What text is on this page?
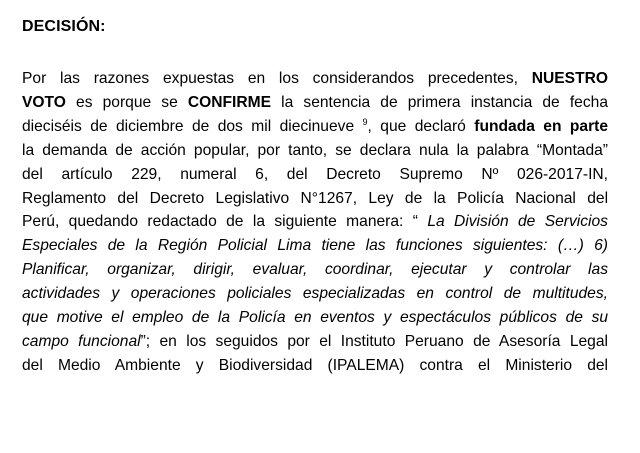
DECISIÓN:
Por las razones expuestas en los considerandos precedentes, NUESTRO
VOTO es porque se CONFIRME la sentencia de primera instancia de fecha
dieciséis de diciembre de dos mil diecinueve $^9$, que declaró fundada en parte
la demanda de acción popular, por tanto, se declara nula la palabra “Montada”
del artículo 229, numeral 6, del Decreto Supremo Nº 026-2017-IN,
Reglamento del Decreto Legislativo N°1267, Ley de la Policía Nacional del
Perú, quedando redactado de la siguiente manera: “ La División de Servicios
Especiales de la Región Policial Lima tiene las funciones siguientes: (…) 6)
Planificar, organizar, dirigir, evaluar, coordinar, ejecutar y controlar las
actividades y operaciones policiales especializadas en control de multitudes,
que motive el empleo de la Policía en eventos y espectáculos públicos de su
campo funcional”; en los seguidos por el Instituto Peruano de Asesoría Legal
del Medio Ambiente y Biodiversidad (IPALEMA) contra el Ministerio del
